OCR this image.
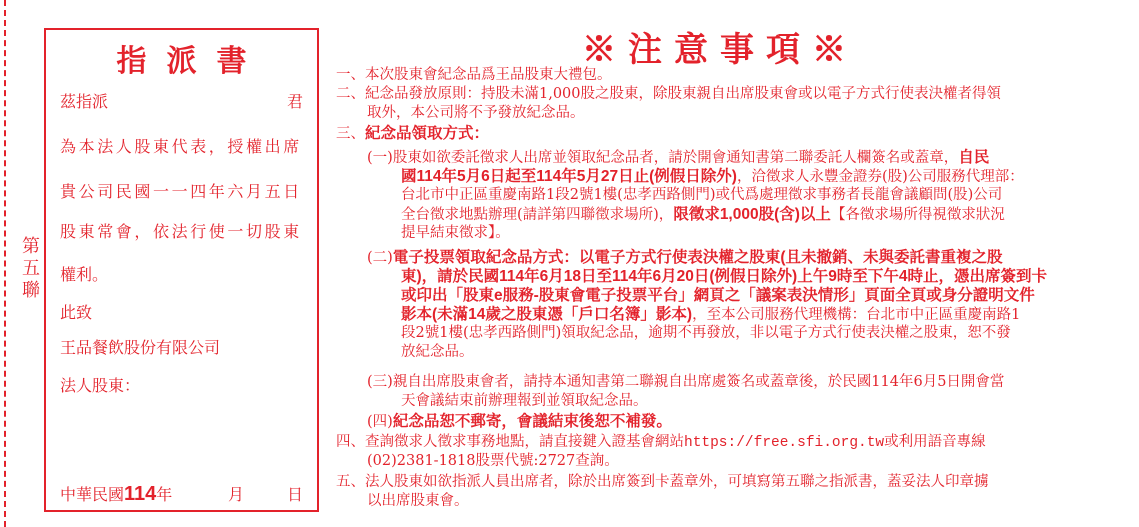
第
五
聯
指派書
茲指派	君
為本法人股東代表，授權出席
貴公司民國一一四年六月五日
股東常會，依法行使一切股東
權利。
此致
王品餐飲股份有限公司
法人股東：
中華民國114年	月	日
※注意事項※
一、本次股東會紀念品爲王品股東大禮包。
二、紀念品發放原則：持股未滿1,000股之股東，除股東親自出席股東會或以電子方式行使表決權者得領
取外，本公司將不予發放紀念品。
三、紀念品領取方式：
(一)股東如欲委託徵求人出席並領取紀念品者，請於開會通知書第二聯委託人欄簽名或蓋章，自民
國114年5月6日起至114年5月27日止(例假日除外)，洽徵求人永豐金證券(股)公司服務代理部：
台北市中正區重慶南路1段2號1樓(忠孝西路側門)或代爲處理徵求事務者長龍會議顧問(股)公司
全台徵求地點辦理(請詳第四聯徵求場所)，限徵求1,000股(含)以上【各徵求場所得視徵求狀況
提早結束徵求】。
(二)電子投票領取紀念品方式：以電子方式行使表決權之股東(且未撤銷、未與委託書重複之股
東)，請於民國114年6月18日至114年6月20日(例假日除外)上午9時至下午4時止，憑出席簽到卡
或印出「股東e服務-股東會電子投票平台」網頁之「議案表決情形」頁面全頁或身分證明文件
影本(未滿14歲之股東憑「戶口名簿」影本)，至本公司服務代理機構：台北市中正區重慶南路1
段2號1樓(忠孝西路側門)領取紀念品，逾期不再發放，非以電子方式行使表決權之股東，恕不發
放紀念品。
(三)親自出席股東會者，請持本通知書第二聯親自出席處簽名或蓋章後，於民國114年6月5日開會當
天會議結束前辦理報到並領取紀念品。
(四)紀念品恕不郵寄，會議結束後恕不補發。
四、查詢徵求人徵求事務地點，請直接鍵入證基會網站https://free.sfi.org.tw或利用語音專線
(02)2381-1818股票代號:2727查詢。
五、法人股東如欲指派人員出席者，除於出席簽到卡蓋章外，可填寫第五聯之指派書，蓋妥法人印章擄
以出席股東會。
